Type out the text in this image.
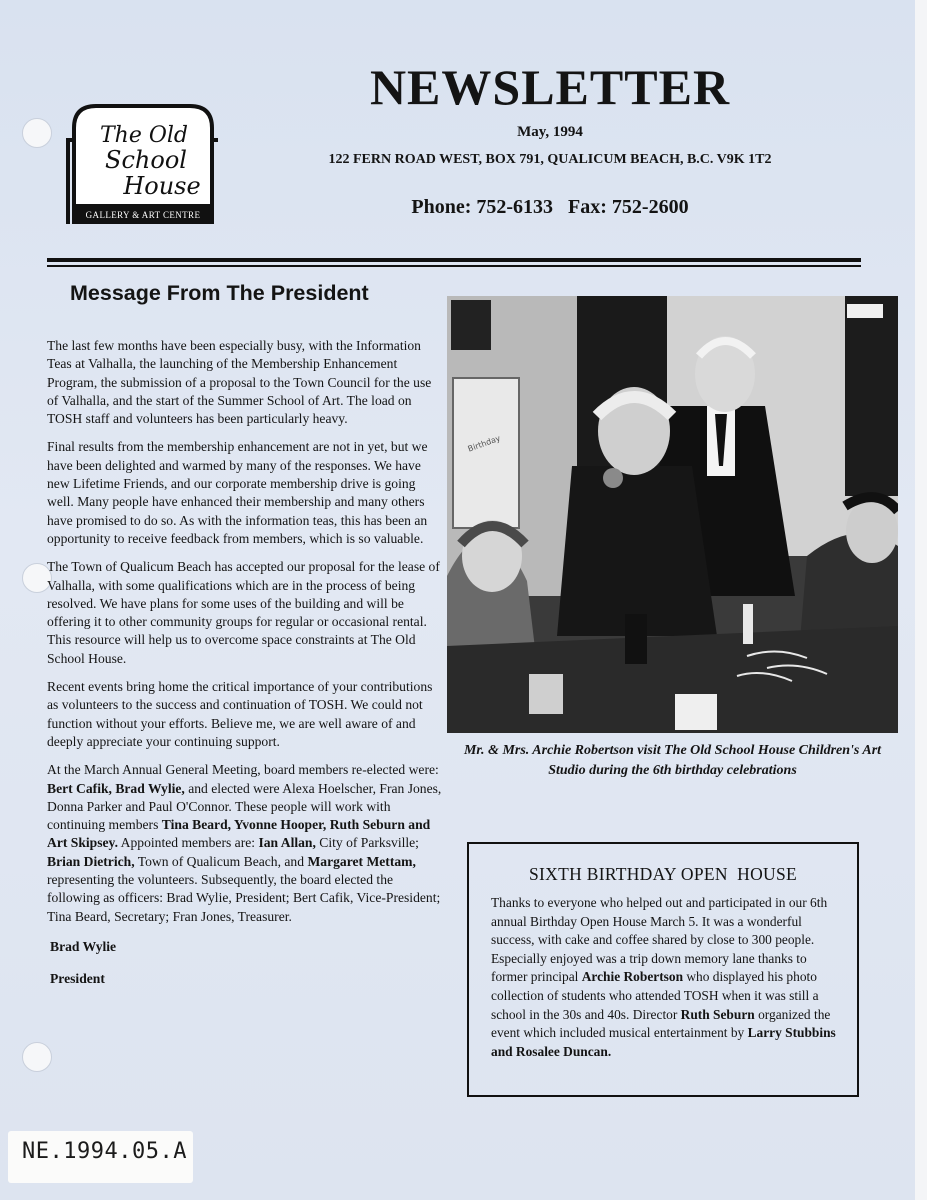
The Old
School
House
GALLERY & ART CENTRE
NEWSLETTER
May, 1994
122 FERN ROAD WEST, BOX 791, QUALICUM BEACH, B.C. V9K 1T2
Phone: 752-6133   Fax: 752-2600
Message From The President

The last few months have been especially busy, with the Information Teas at Valhalla, the launching of the Membership Enhancement Program, the submission of a proposal to the Town Council for the use of Valhalla, and the start of the Summer School of Art. The load on TOSH staff and volunteers has been particularly heavy.

Final results from the membership enhancement are not in yet, but we have been delighted and warmed by many of the responses. We have new Lifetime Friends, and our corporate membership drive is going well. Many people have enhanced their membership and many others have promised to do so. As with the information teas, this has been an opportunity to receive feedback from members, which is so valuable.

The Town of Qualicum Beach has accepted our proposal for the lease of Valhalla, with some qualifications which are in the process of being resolved. We have plans for some uses of the building and will be offering it to other community groups for regular or occasional rental. This resource will help us to overcome space constraints at The Old School House.

Recent events bring home the critical importance of your contributions as volunteers to the success and continuation of TOSH. We could not function without your efforts. Believe me, we are well aware of and deeply appreciate your continuing support.

At the March Annual General Meeting, board members re-elected were: Bert Cafik, Brad Wylie, and elected were Alexa Hoelscher, Fran Jones, Donna Parker and Paul O'Connor. These people will work with continuing members Tina Beard, Yvonne Hooper, Ruth Seburn and Art Skipsey. Appointed members are: Ian Allan, City of Parksville; Brian Dietrich, Town of Qualicum Beach, and Margaret Mettam, representing the volunteers. Subsequently, the board elected the following as officers: Brad Wylie, President; Bert Cafik, Vice-President; Tina Beard, Secretary; Fran Jones, Treasurer.

Brad Wylie
President
Birthday
Mr. & Mrs. Archie Robertson visit The Old School House Children's Art Studio during the 6th birthday celebrations
SIXTH BIRTHDAY OPEN  HOUSE
Thanks to everyone who helped out and participated in our 6th annual Birthday Open House March 5. It was a wonderful success, with cake and coffee shared by close to 300 people. Especially enjoyed was a trip down memory lane thanks to former principal Archie Robertson who displayed his photo collection of students who attended TOSH when it was still a school in the 30s and 40s. Director Ruth Seburn organized the event which included musical entertainment by Larry Stubbins and Rosalee Duncan.
NE.1994.05.A
